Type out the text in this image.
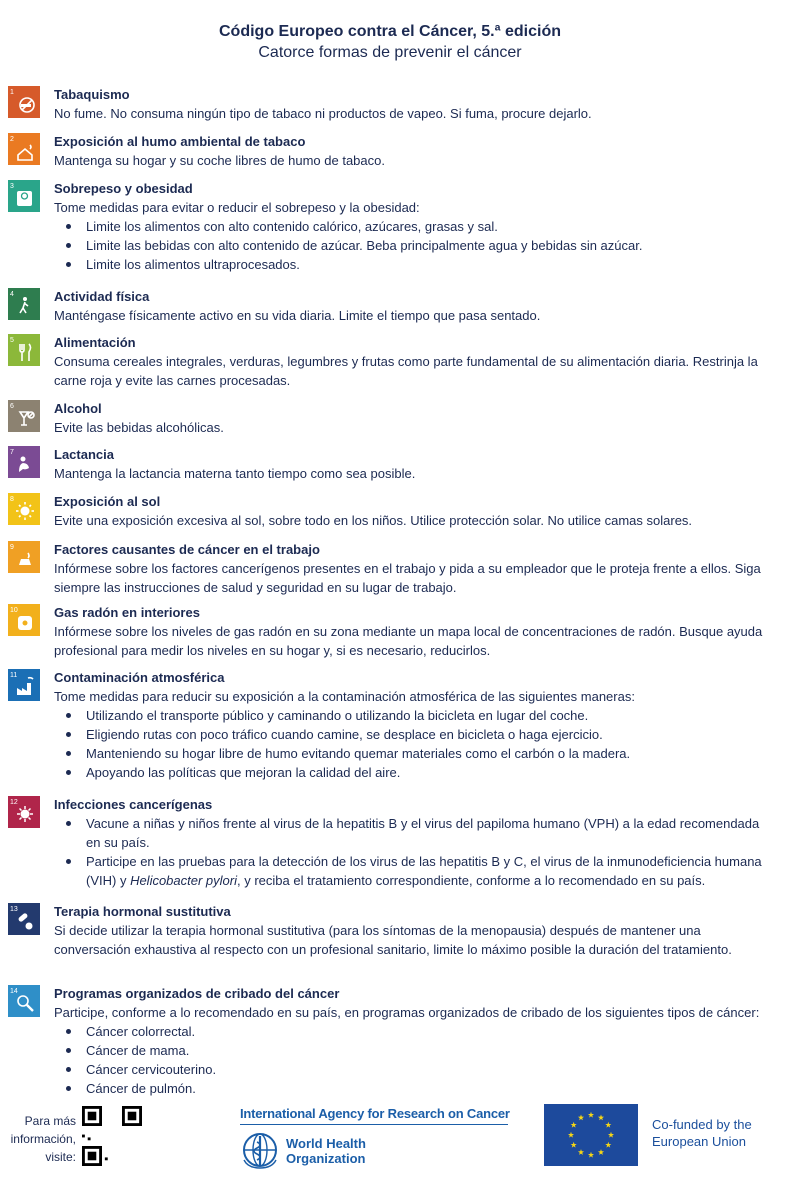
Código Europeo contra el Cáncer, 5.ª edición
Catorce formas de prevenir el cáncer
1	Tabaquismo
No fume. No consuma ningún tipo de tabaco ni productos de vapeo. Si fuma, procure dejarlo.
2	Exposición al humo ambiental de tabaco
Mantenga su hogar y su coche libres de humo de tabaco.
3	Sobrepeso y obesidad
Tome medidas para evitar o reducir el sobrepeso y la obesidad:
Limite los alimentos con alto contenido calórico, azúcares, grasas y sal.
Limite las bebidas con alto contenido de azúcar. Beba principalmente agua y bebidas sin azúcar.
Limite los alimentos ultraprocesados.
4	Actividad física
Manténgase físicamente activo en su vida diaria. Limite el tiempo que pasa sentado.
5	Alimentación
Consuma cereales integrales, verduras, legumbres y frutas como parte fundamental de su alimentación diaria. Restrinja la carne roja y evite las carnes procesadas.
6	Alcohol
Evite las bebidas alcohólicas.
7	Lactancia
Mantenga la lactancia materna tanto tiempo como sea posible.
8	Exposición al sol
Evite una exposición excesiva al sol, sobre todo en los niños. Utilice protección solar. No utilice camas solares.
9	Factores causantes de cáncer en el trabajo
Infórmese sobre los factores cancerígenos presentes en el trabajo y pida a su empleador que le proteja frente a ellos. Siga siempre las instrucciones de salud y seguridad en su lugar de trabajo.
10	Gas radón en interiores
Infórmese sobre los niveles de gas radón en su zona mediante un mapa local de concentraciones de radón. Busque ayuda profesional para medir los niveles en su hogar y, si es necesario, reducirlos.
11	Contaminación atmosférica
Tome medidas para reducir su exposición a la contaminación atmosférica de las siguientes maneras:
Utilizando el transporte público y caminando o utilizando la bicicleta en lugar del coche.
Eligiendo rutas con poco tráfico cuando camine, se desplace en bicicleta o haga ejercicio.
Manteniendo su hogar libre de humo evitando quemar materiales como el carbón o la madera.
Apoyando las políticas que mejoran la calidad del aire.
12	Infecciones cancerígenas
Vacune a niñas y niños frente al virus de la hepatitis B y el virus del papiloma humano (VPH) a la edad recomendada en su país.
Participe en las pruebas para la detección de los virus de las hepatitis B y C, el virus de la inmunodeficiencia humana (VIH) y Helicobacter pylori, y reciba el tratamiento correspondiente, conforme a lo recomendado en su país.
13	Terapia hormonal sustitutiva
Si decide utilizar la terapia hormonal sustitutiva (para los síntomas de la menopausia) después de mantener una conversación exhaustiva al respecto con un profesional sanitario, limite lo máximo posible la duración del tratamiento.
14	Programas organizados de cribado del cáncer
Participe, conforme a lo recomendado en su país, en programas organizados de cribado de los siguientes tipos de cáncer:
Cáncer colorrectal.
Cáncer de mama.
Cáncer cervicouterino.
Cáncer de pulmón.
Para más información, visite:
International Agency for Research on Cancer
World Health
Organization
Co-funded by the
European Union
